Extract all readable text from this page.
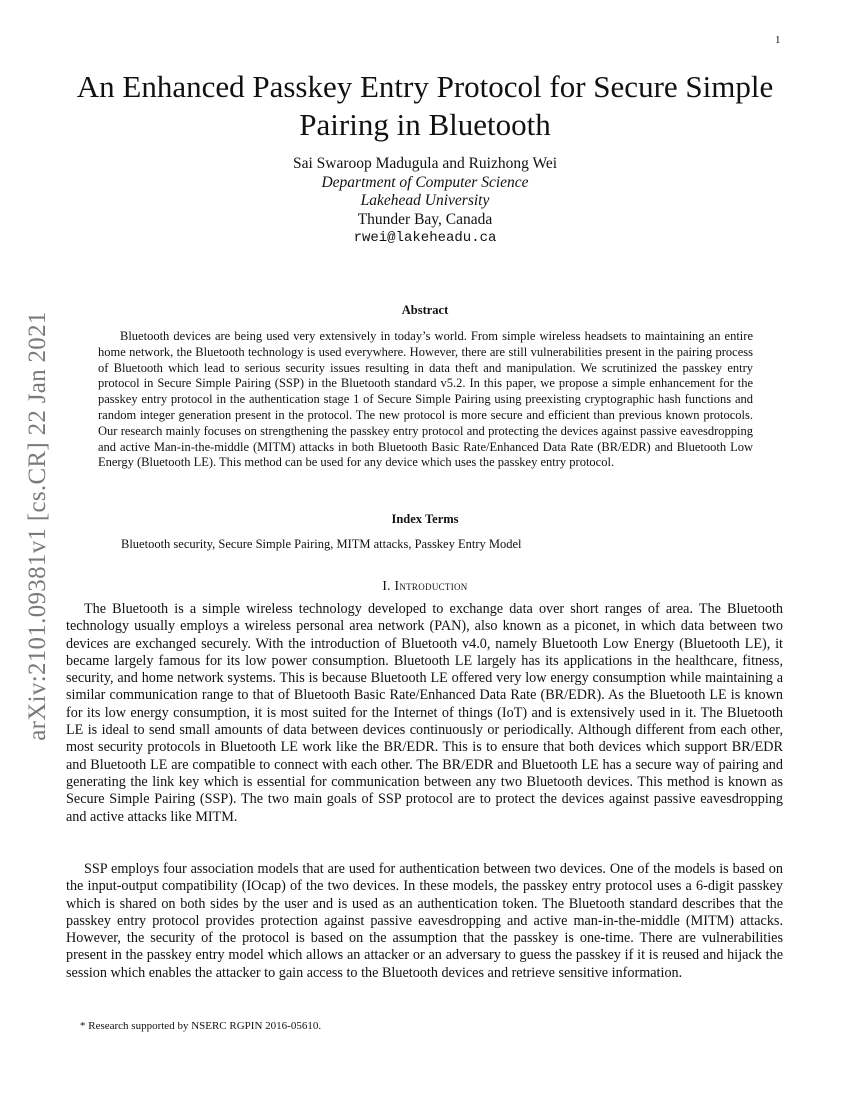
1
arXiv:2101.09381v1 [cs.CR] 22 Jan 2021
An Enhanced Passkey Entry Protocol for Secure Simple Pairing in Bluetooth
Sai Swaroop Madugula and Ruizhong Wei
Department of Computer Science
Lakehead University
Thunder Bay, Canada
rwei@lakeheadu.ca
Abstract

Bluetooth devices are being used very extensively in today’s world. From simple wireless headsets to maintaining an entire home network, the Bluetooth technology is used everywhere. However, there are still vulnerabilities present in the pairing process of Bluetooth which lead to serious security issues resulting in data theft and manipulation. We scrutinized the passkey entry protocol in Secure Simple Pairing (SSP) in the Bluetooth standard v5.2. In this paper, we propose a simple enhancement for the passkey entry protocol in the authentication stage 1 of Secure Simple Pairing using preexisting cryptographic hash functions and random integer generation present in the protocol. The new protocol is more secure and efficient than previous known protocols. Our research mainly focuses on strengthening the passkey entry protocol and protecting the devices against passive eavesdropping and active Man-in-the-middle (MITM) attacks in both Bluetooth Basic Rate/Enhanced Data Rate (BR/EDR) and Bluetooth Low Energy (Bluetooth LE). This method can be used for any device which uses the passkey entry protocol.

Index Terms
Bluetooth security, Secure Simple Pairing, MITM attacks, Passkey Entry Model
I. Introduction

The Bluetooth is a simple wireless technology developed to exchange data over short ranges of area. The Bluetooth technology usually employs a wireless personal area network (PAN), also known as a piconet, in which data between two devices are exchanged securely. With the introduction of Bluetooth v4.0, namely Bluetooth Low Energy (Bluetooth LE), it became largely famous for its low power consumption. Bluetooth LE largely has its applications in the healthcare, fitness, security, and home network systems. This is because Bluetooth LE offered very low energy consumption while maintaining a similar communication range to that of Bluetooth Basic Rate/Enhanced Data Rate (BR/EDR). As the Bluetooth LE is known for its low energy consumption, it is most suited for the Internet of things (IoT) and is extensively used in it. The Bluetooth LE is ideal to send small amounts of data between devices continuously or periodically. Although different from each other, most security protocols in Bluetooth LE work like the BR/EDR. This is to ensure that both devices which support BR/EDR and Bluetooth LE are compatible to connect with each other. The BR/EDR and Bluetooth LE has a secure way of pairing and generating the link key which is essential for communication between any two Bluetooth devices. This method is known as Secure Simple Pairing (SSP). The two main goals of SSP protocol are to protect the devices against passive eavesdropping and active attacks like MITM.

SSP employs four association models that are used for authentication between two devices. One of the models is based on the input-output compatibility (IOcap) of the two devices. In these models, the passkey entry protocol uses a 6-digit passkey which is shared on both sides by the user and is used as an authentication token. The Bluetooth standard describes that the passkey entry protocol provides protection against passive eavesdropping and active man-in-the-middle (MITM) attacks. However, the security of the protocol is based on the assumption that the passkey is one-time. There are vulnerabilities present in the passkey entry model which allows an attacker or an adversary to guess the passkey if it is reused and hijack the session which enables the attacker to gain access to the Bluetooth devices and retrieve sensitive information.

* Research supported by NSERC RGPIN 2016-05610.
